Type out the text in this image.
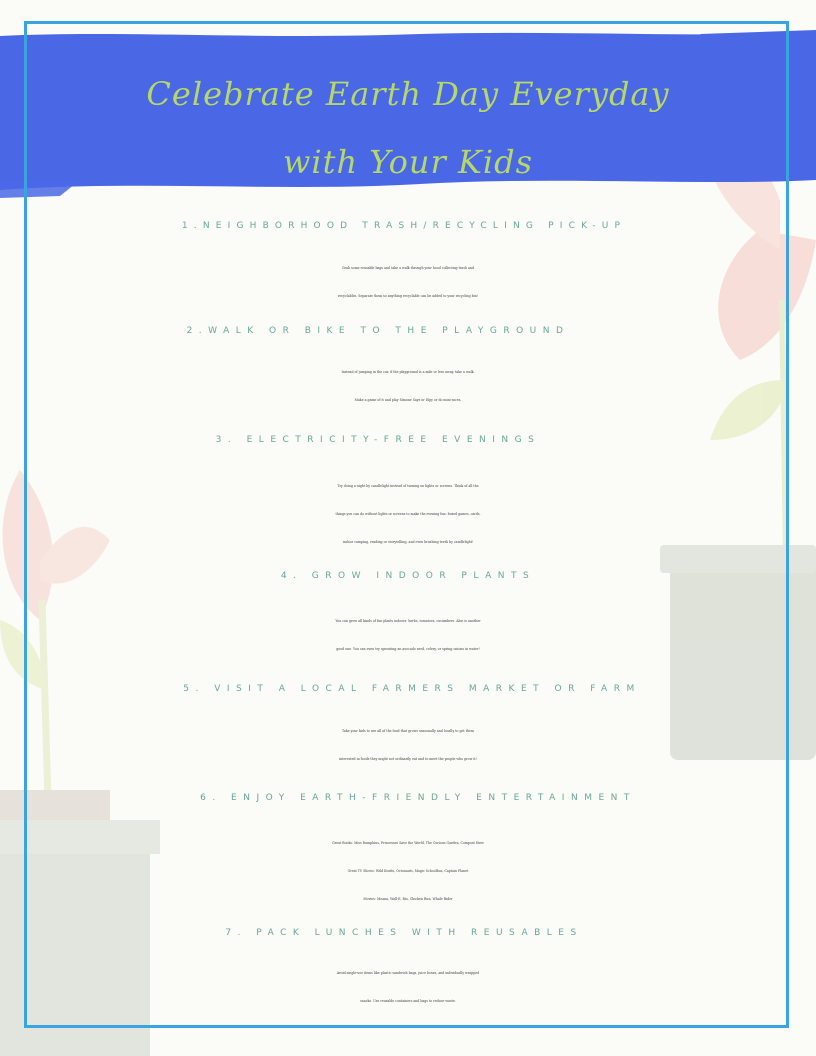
Celebrate Earth Day Everyday
with Your Kids
1.NEIGHBORHOOD TRASH/RECYCLING PICK-UP
Grab some reusable bags and take a walk through your hood collecting trash and
recyclables. Separate them so anything recyclable can be added to your recycling bin!
2.WALK OR BIKE TO THE PLAYGROUND
Instead of jumping in the car, if the playground is a mile or less away, take a walk.
Make a game of it and play Simone Says or ISpy or do mini-races.
3. ELECTRICITY-FREE EVENINGS
Try doing a night by candlelight instead of turning on lights or screens. Think of all the
things you can do without lights or screens to make the evening fun: board games, cards,
indoor camping, reading or storytelling, and even brushing teeth by candlelight!
4. GROW INDOOR PLANTS
You can grow all kinds of fun plants indoors: herbs, tomatoes, cucumbers. Aloe is another
good one. You can even try sprouting an avocado seed, celery, or spring onions in water!
5. VISIT A LOCAL FARMERS MARKET OR FARM
Take your kids to see all of the food that grows seasonally and locally to get them
interested in foods they might not ordinarily eat and to meet the people who grow it!
6. ENJOY EARTH-FRIENDLY ENTERTAINMENT
Great Books: Miss Rumphius, Princesses Save the World, The Curious Garden, Compost Stew
Great TV Shows: Wild Kratts, Octonauts, Magic Schoolbus, Captain Planet
Movies: Moana, Wall-E, Rio, Chicken Run, Whale Rider
7. PACK LUNCHES WITH REUSABLES
Avoid single-use items like plastic sandwich bags, juice boxes, and individually wrapped
snacks. Use reusable containers and bags to reduce waste.
